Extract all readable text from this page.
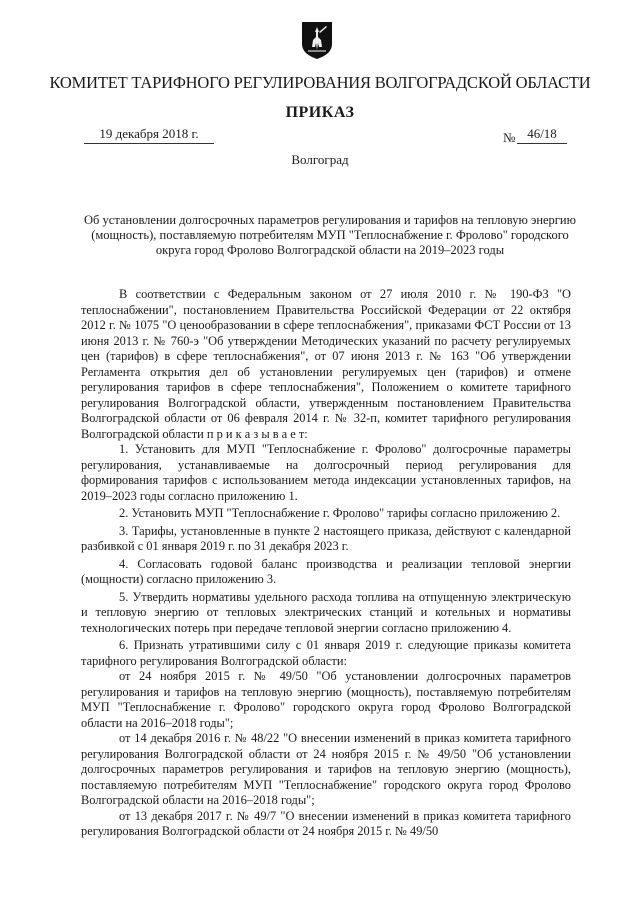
КОМИТЕТ ТАРИФНОГО РЕГУЛИРОВАНИЯ ВОЛГОГРАДСКОЙ ОБЛАСТИ
ПРИКАЗ
19 декабря 2018 г.	№ 46/18
Волгоград
Об установлении долгосрочных параметров регулирования и тарифов на тепловую энергию (мощность), поставляемую потребителям МУП "Теплоснабжение г. Фролово" городского округа город Фролово Волгоградской области на 2019–2023 годы

В соответствии с Федеральным законом от 27 июля 2010 г. № 190-ФЗ "О теплоснабжении", постановлением Правительства Российской Федерации от 22 октября 2012 г. № 1075 "О ценообразовании в сфере теплоснабжения", приказами ФСТ России от 13 июня 2013 г. № 760-э "Об утверждении Методических указаний по расчету регулируемых цен (тарифов) в сфере теплоснабжения", от 07 июня 2013 г. № 163 "Об утверждении Регламента открытия дел об установлении регулируемых цен (тарифов) и отмене регулирования тарифов в сфере теплоснабжения", Положением о комитете тарифного регулирования Волгоградской области, утвержденным постановлением Правительства Волгоградской области от 06 февраля 2014 г. № 32-п, комитет тарифного регулирования Волгоградской области п р и к а з ы в а е т:

1. Установить для МУП "Теплоснабжение г. Фролово" долгосрочные параметры регулирования, устанавливаемые на долгосрочный период регулирования для формирования тарифов с использованием метода индексации установленных тарифов, на 2019–2023 годы согласно приложению 1.

2. Установить МУП "Теплоснабжение г. Фролово" тарифы согласно приложению 2.

3. Тарифы, установленные в пункте 2 настоящего приказа, действуют с календарной разбивкой с 01 января 2019 г. по 31 декабря 2023 г.

4. Согласовать годовой баланс производства и реализации тепловой энергии (мощности) согласно приложению 3.

5. Утвердить нормативы удельного расхода топлива на отпущенную электрическую и тепловую энергию от тепловых электрических станций и котельных и нормативы технологических потерь при передаче тепловой энергии согласно приложению 4.

6. Признать утратившими силу с 01 января 2019 г. следующие приказы комитета тарифного регулирования Волгоградской области:

от 24 ноября 2015 г. № 49/50 "Об установлении долгосрочных параметров регулирования и тарифов на тепловую энергию (мощность), поставляемую потребителям МУП "Теплоснабжение г. Фролово" городского округа город Фролово Волгоградской области на 2016–2018 годы";

от 14 декабря 2016 г. № 48/22 "О внесении изменений в приказ комитета тарифного регулирования Волгоградской области от 24 ноября 2015 г. № 49/50 "Об установлении долгосрочных параметров регулирования и тарифов на тепловую энергию (мощность), поставляемую потребителям МУП "Теплоснабжение" городского округа город Фролово Волгоградской области на 2016–2018 годы";

от 13 декабря 2017 г. № 49/7 "О внесении изменений в приказ комитета тарифного регулирования Волгоградской области от 24 ноября 2015 г. № 49/50
